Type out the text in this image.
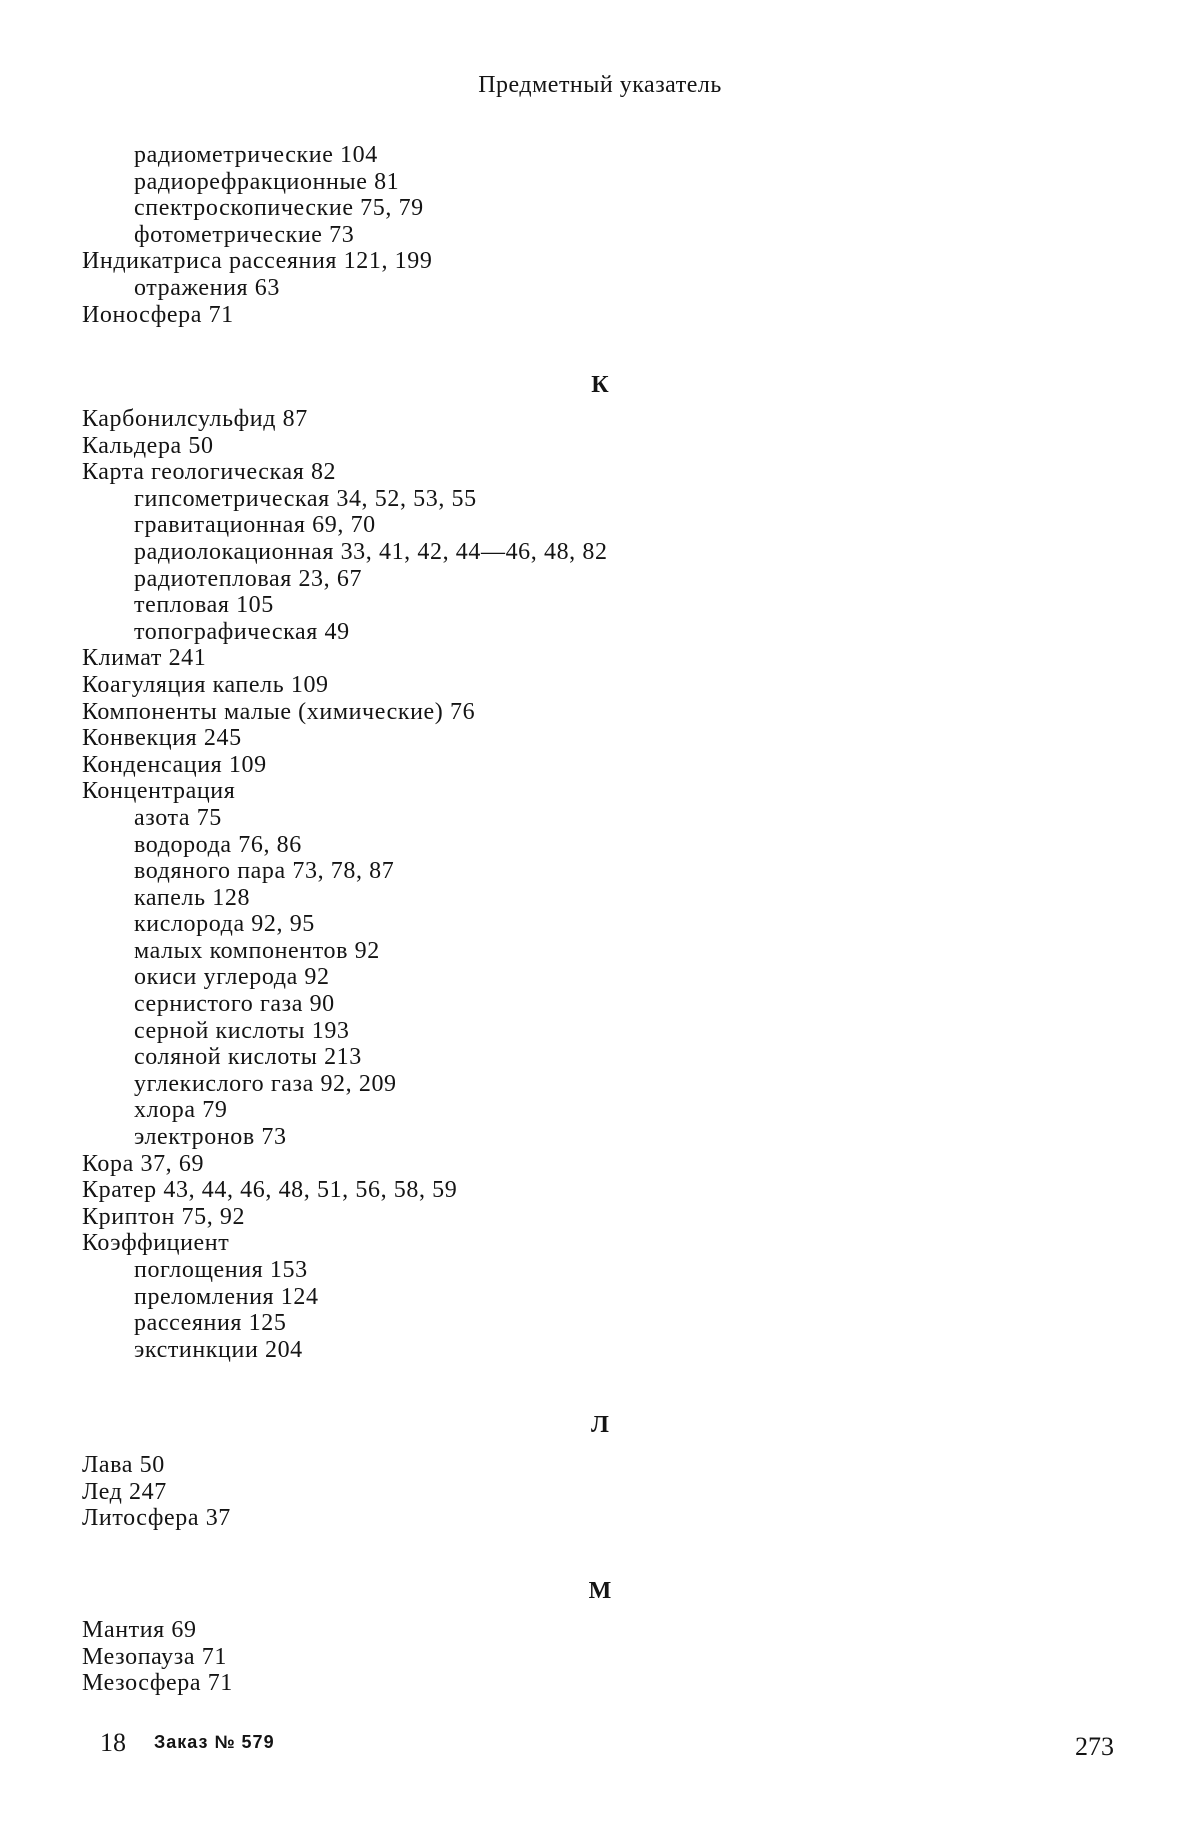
Предметный указатель
радиометрические 104
радиорефракционные 81
спектроскопические 75, 79
фотометрические 73
Индикатриса рассеяния 121, 199
отражения 63
Ионосфера 71
К
Карбонилсульфид 87
Кальдера 50
Карта геологическая 82
гипсометрическая 34, 52, 53, 55
гравитационная 69, 70
радиолокационная 33, 41, 42, 44—46, 48, 82
радиотепловая 23, 67
тепловая 105
топографическая 49
Климат 241
Коагуляция капель 109
Компоненты малые (химические) 76
Конвекция 245
Конденсация 109
Концентрация
азота 75
водорода 76, 86
водяного пара 73, 78, 87
капель 128
кислорода 92, 95
малых компонентов 92
окиси углерода 92
сернистого газа 90
серной кислоты 193
соляной кислоты 213
углекислого газа 92, 209
хлора 79
электронов 73
Кора 37, 69
Кратер 43, 44, 46, 48, 51, 56, 58, 59
Криптон 75, 92
Коэффициент
поглощения 153
преломления 124
рассеяния 125
экстинкции 204
Л
Лава 50
Лед 247
Литосфера 37
М
Мантия 69
Мезопауза 71
Мезосфера 71
18 Заказ № 579	273
